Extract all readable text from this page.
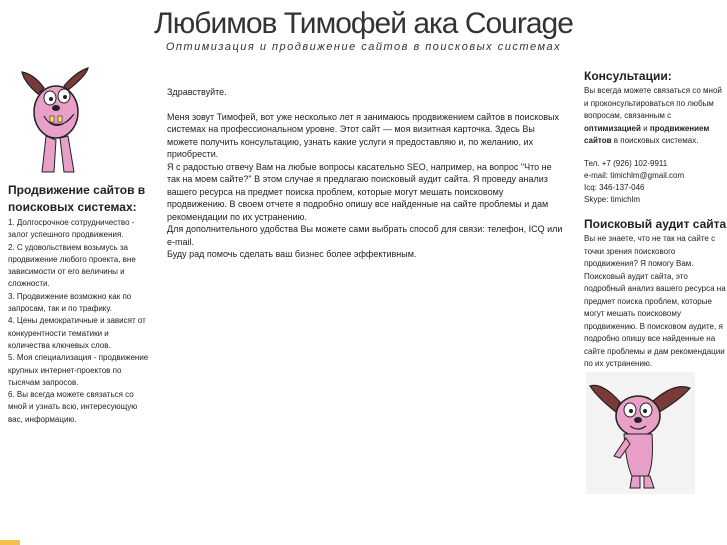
Любимов Тимофей ака Courage
Оптимизация и продвижение сайтов в поисковых системах
Продвижение сайтов в поисковых системах:

1. Долгосрочное сотрудничество - залог успешного продвижения.

2. С удовольствием возьмусь за продвижение любого проекта, вне зависимости от его величины и сложности.

3. Продвижение возможно как по запросам, так и по трафику.

4. Цены демократичные и зависят от конкурентности тематики и количества ключевых слов.

5. Моя специализация - продвижение крупных интернет-проектов по тысячам запросов.

6. Вы всегда можете связаться со мной и узнать всю, интересующую вас, информацию.

Здравствуйте.

Меня зовут Тимофей, вот уже несколько лет я занимаюсь продвижением сайтов в поисковых системах на профессиональном уровне. Этот сайт — моя визитная карточка. Здесь Вы можете получить консультацию, узнать какие услуги я предоставляю и, по желанию, их приобрести.

Я с радостью отвечу Вам на любые вопросы касательно SEO, например, на вопрос "Что не так на моем сайте?" В этом случае я предлагаю поисковый аудит сайта. Я проведу анализ вашего ресурса на предмет поиска проблем, которые могут мешать поисковому продвижению. В своем отчете я подробно опишу все найденные на сайте проблемы и дам рекомендации по их устранению.

Для дополнительного удобства Вы можете сами выбрать способ для связи: телефон, ICQ или e-mail.

Буду рад помочь сделать ваш бизнес более эффективным.

Консультации:
Вы всегда можете связаться со мной и проконсультироваться по любым вопросам, связанным с оптимизацией и продвижением сайтов в поисковых системах.
Тел. +7 (926) 102-9911
e-mail: timichlm@gmail.com
Icq: 346-137-046
Skype: timichlm
Поисковый аудит сайта
Вы не знаете, что не так на сайте с точки зрения поискового продвижения? Я помогу Вам. Поисковый аудит сайта, это подробный анализ вашего ресурса на предмет поиска проблем, которые могут мешать поисковому продвижению. В поисковом аудите, я подробно опишу все найденные на сайте проблемы и дам рекомендации по их устранению.
